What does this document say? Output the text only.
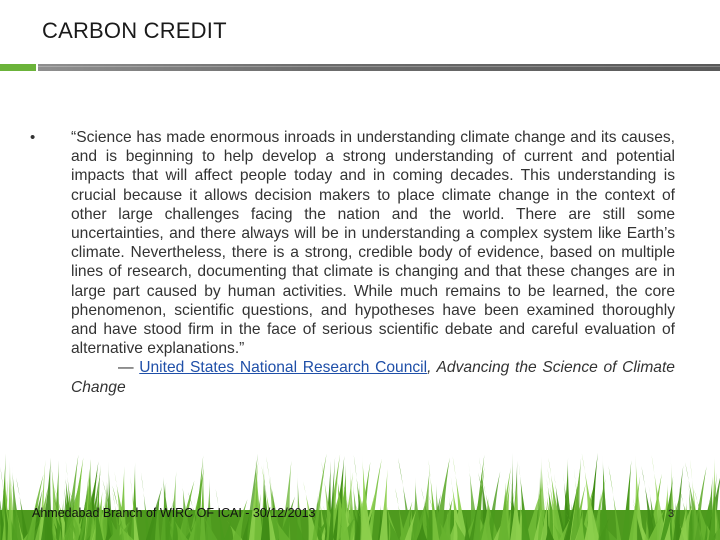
CARBON CREDIT
• “Science has made enormous inroads in understanding climate change and its causes, and is beginning to help develop a strong understanding of current and potential impacts that will affect people today and in coming decades. This understanding is crucial because it allows decision makers to place climate change in the context of other large challenges facing the nation and the world. There are still some uncertainties, and there always will be in understanding a complex system like Earth’s climate. Nevertheless, there is a strong, credible body of evidence, based on multiple lines of research, documenting that climate is changing and that these changes are in large part caused by human activities. While much remains to be learned, the core phenomenon, scientific questions, and hypotheses have been examined thoroughly and have stood firm in the face of serious scientific debate and careful evaluation of alternative explanations.”
— United States National Research Council, Advancing the Science of Climate Change
Ahmedabad Branch of WIRC OF ICAI - 30/12/2013	3
